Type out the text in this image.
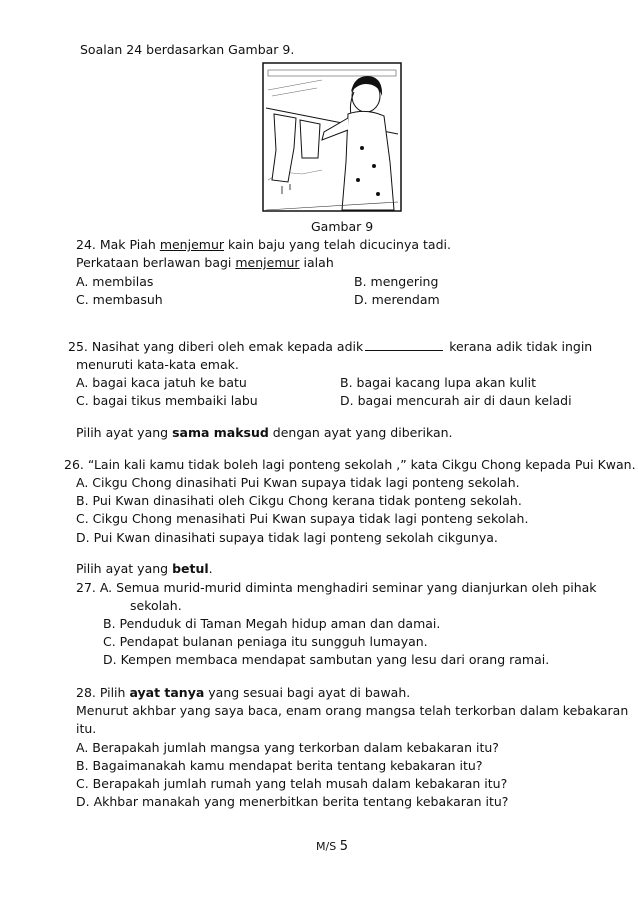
Soalan 24 berdasarkan Gambar 9.
Gambar 9
24. Mak Piah menjemur kain baju yang telah dicucinya tadi.
Perkataan berlawan bagi menjemur ialah
A. membilas	B. mengering
C. membasuh	D. merendam
25. Nasihat yang diberi oleh emak kepada adik	kerana adik tidak ingin
menuruti kata-kata emak.
A. bagai kaca jatuh ke batu	B. bagai kacang lupa akan kulit
C. bagai tikus membaiki labu	D. bagai mencurah air di daun keladi
Pilih ayat yang sama maksud dengan ayat yang diberikan.
26. “Lain kali kamu tidak boleh lagi ponteng sekolah ,” kata Cikgu Chong kepada Pui Kwan.
A. Cikgu Chong dinasihati Pui Kwan supaya tidak lagi ponteng sekolah.
B. Pui Kwan dinasihati oleh Cikgu Chong kerana tidak ponteng sekolah.
C. Cikgu Chong menasihati Pui Kwan supaya tidak lagi ponteng sekolah.
D. Pui Kwan dinasihati supaya tidak lagi ponteng sekolah cikgunya.
Pilih ayat yang betul.
27. A. Semua murid-murid diminta menghadiri seminar yang dianjurkan oleh pihak
sekolah.
B. Penduduk di Taman Megah hidup aman dan damai.
C. Pendapat bulanan peniaga itu sungguh lumayan.
D. Kempen membaca mendapat sambutan yang lesu dari orang ramai.
28. Pilih ayat tanya yang sesuai bagi ayat di bawah.
Menurut akhbar yang saya baca, enam orang mangsa telah terkorban dalam kebakaran
itu.
A. Berapakah jumlah mangsa yang terkorban dalam kebakaran itu?
B. Bagaimanakah kamu mendapat berita tentang kebakaran itu?
C. Berapakah jumlah rumah yang telah musah dalam kebakaran itu?
D. Akhbar manakah yang menerbitkan berita tentang kebakaran itu?
M/S 5
